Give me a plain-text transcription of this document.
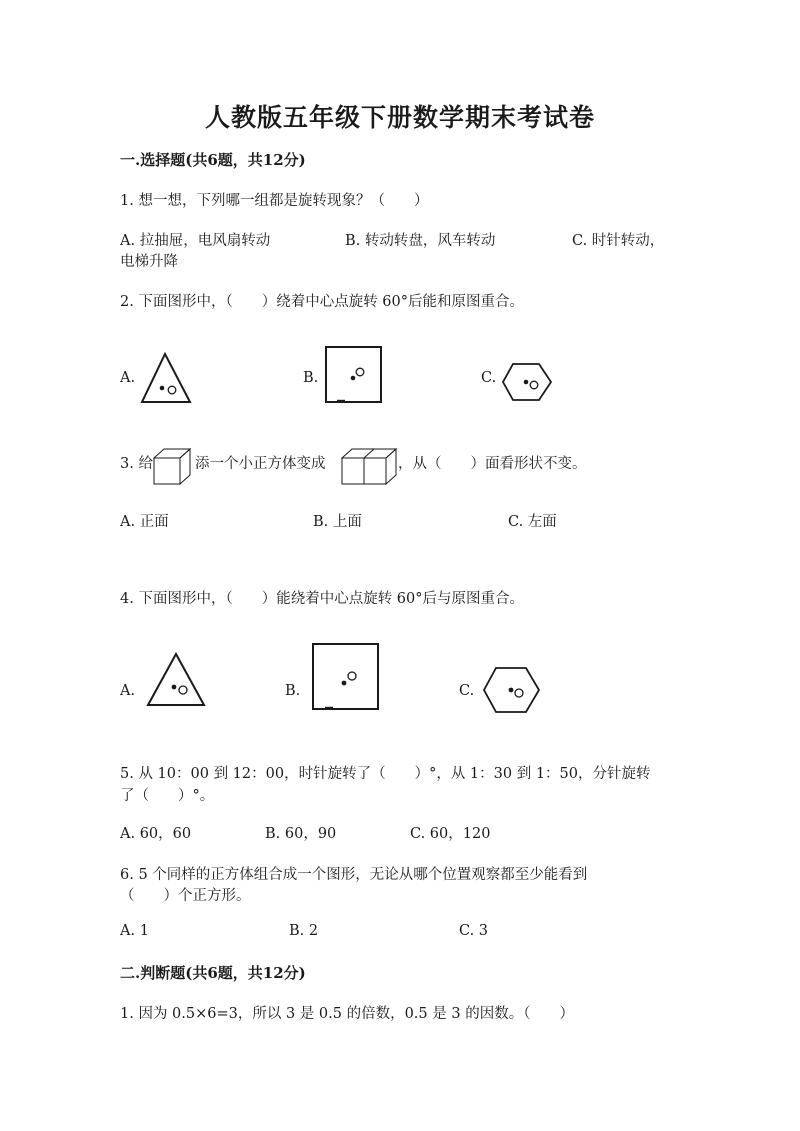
人教版五年级下册数学期末考试卷
一.选择题(共6题，共12分)
1. 想一想，下列哪一组都是旋转现象？（　　）
A. 拉抽屉，电风扇转动	B. 转动转盘，风车转动	C. 时针转动，
电梯升降
2. 下面图形中，（　　）绕着中心点旋转 60°后能和原图重合。
A.	B.	C.
3. 给	添一个小正方体变成	，从（　　）面看形状不变。
A. 正面	B. 上面	C. 左面
4. 下面图形中，（　　）能绕着中心点旋转 60°后与原图重合。
A.	B.	C.
5. 从 10：00 到 12：00，时针旋转了（　　）°，从 1：30 到 1：50，分针旋转
了（　　）°。
A. 60，60	B. 60，90	C. 60，120
6. 5 个同样的正方体组合成一个图形，无论从哪个位置观察都至少能看到
（　　）个正方形。
A. 1	B. 2	C. 3
二.判断题(共6题，共12分)
1. 因为 0.5×6=3，所以 3 是 0.5 的倍数，0.5 是 3 的因数。（　　）
